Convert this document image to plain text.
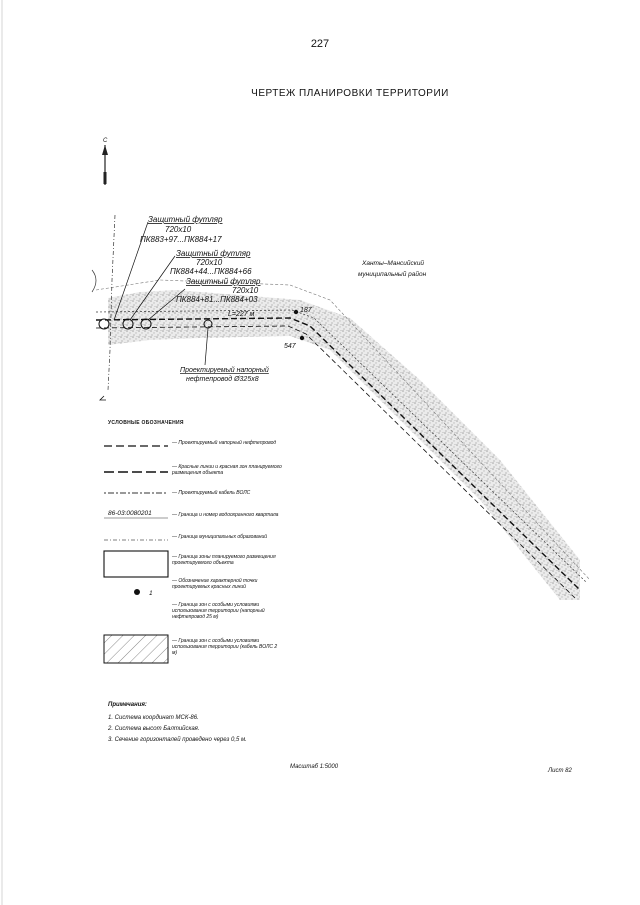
227
ЧЕРТЕЖ ПЛАНИРОВКИ ТЕРРИТОРИИ
С
187
547
L=227 м
Защитный футляр
720x10
ПК883+97...ПК884+17
Защитный футляр
720x10
ПК884+44...ПК884+66
Защитный футляр
720x10
ПК884+81...ПК884+03
Проектируемый напорный
нефтепровод Ø325x8
Ханты–Мансийский
муниципальный район
86-03:0080201
1
УСЛОВНЫЕ ОБОЗНАЧЕНИЯ
— Проектируемый напорный нефтепровод
— Красные линии и красная зон планируемого размещения объекта
— Проектируемый кабель ВОЛС
— Граница и номер водоохранного квартала
— Граница муниципальных образований
— Граница зоны планируемого размещения проектируемого объекта
— Обозначение характерной точки проектируемых красных линий
— Граница зон с особыми условиями использования территории (напорный нефтепровод 25 м)
— Граница зон с особыми условиями использования территории (кабель ВОЛС 2 м)
Примечания:
1. Система координат МСК-86.
2. Система высот Балтийская.
3. Сечение горизонталей проведено через 0,5 м.
Масштаб 1:5000
Лист 82
